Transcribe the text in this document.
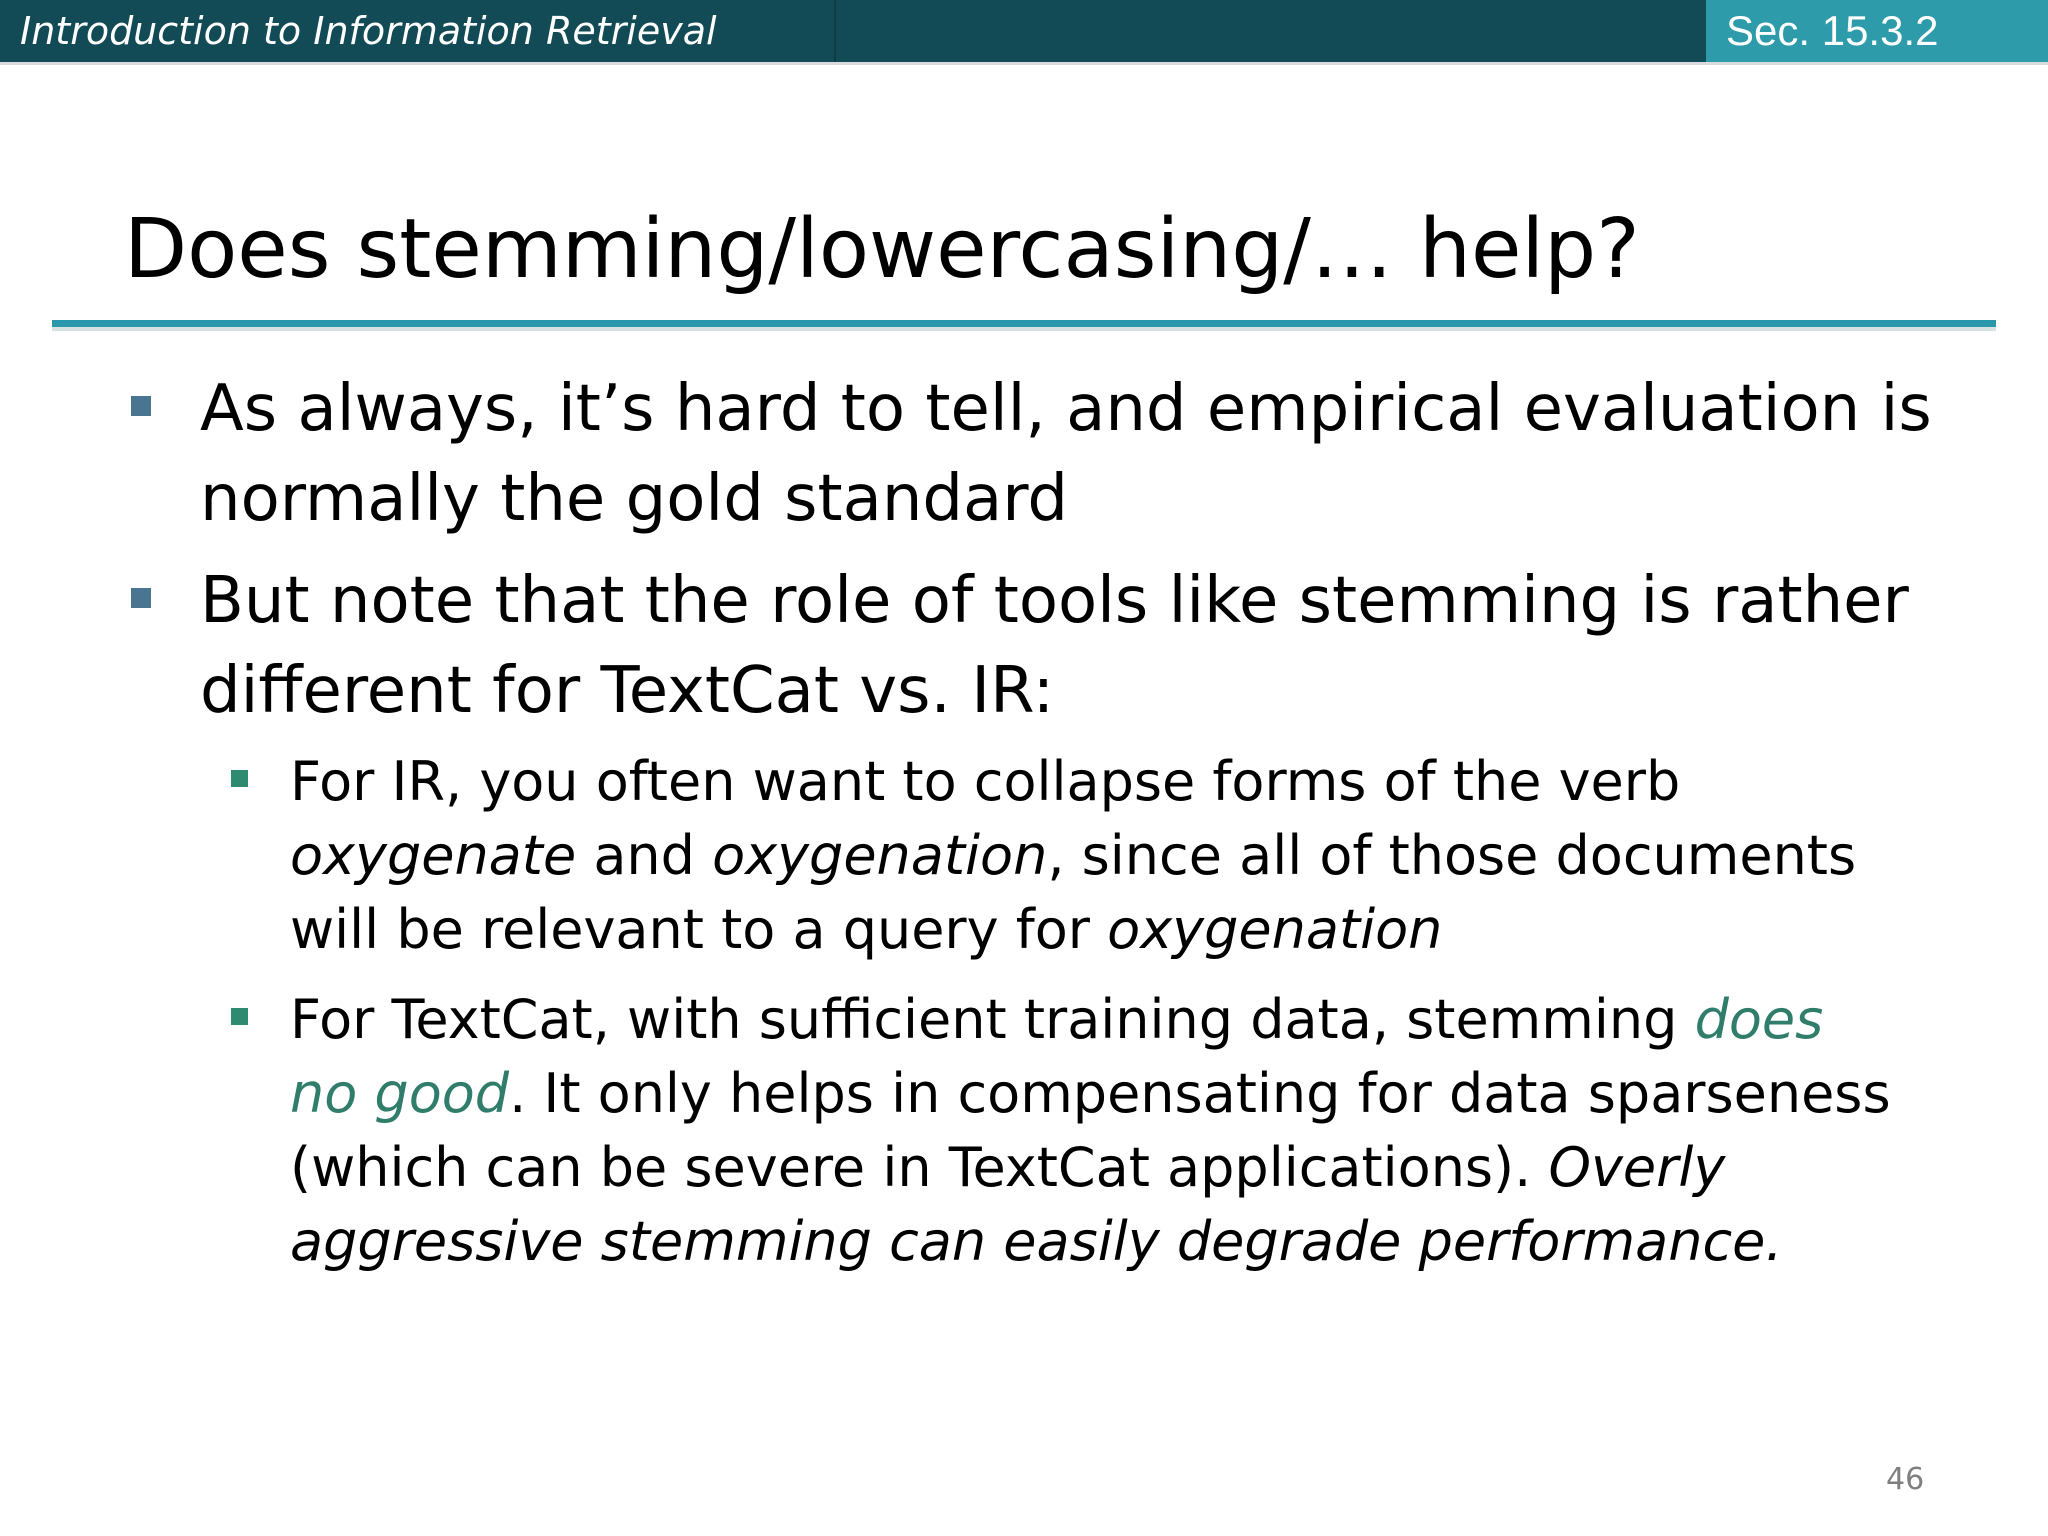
Introduction to Information Retrieval	Sec. 15.3.2
Does stemming/lowercasing/… help?
As always, it’s hard to tell, and empirical evaluation is
normally the gold standard
But note that the role of tools like stemming is rather
different for TextCat vs. IR:
For IR, you often want to collapse forms of the verb
oxygenate and oxygenation, since all of those documents
will be relevant to a query for oxygenation
For TextCat, with sufficient training data, stemming does
no good. It only helps in compensating for data sparseness
(which can be severe in TextCat applications). Overly
aggressive stemming can easily degrade performance.
46
